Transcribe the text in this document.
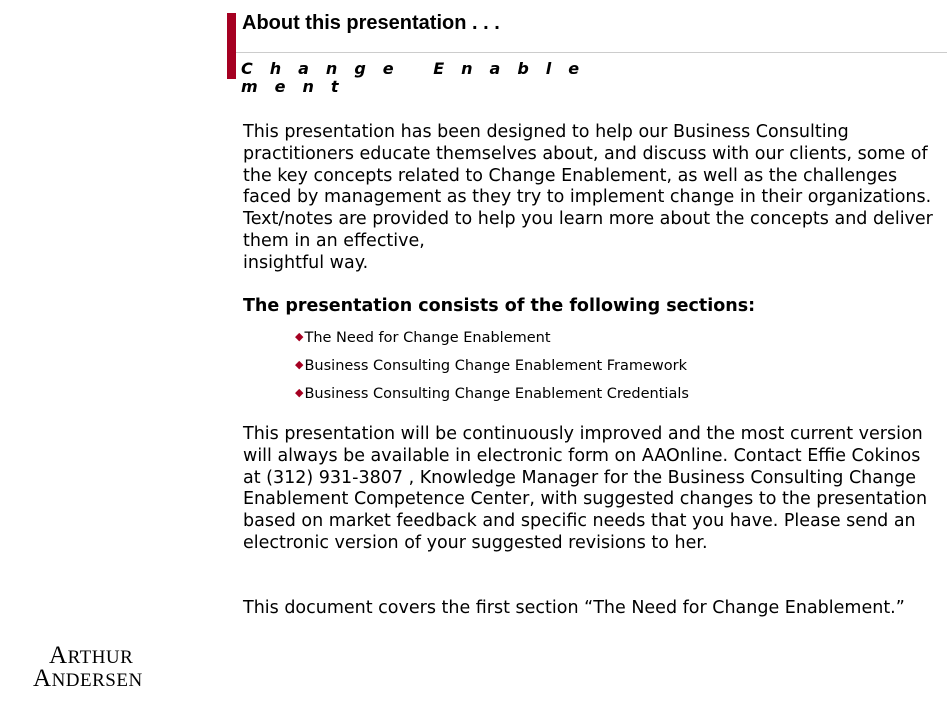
About this presentation . . .
Change Enablement

This presentation has been designed to help our Business Consulting practitioners educate themselves about, and discuss with our clients, some of the key concepts related to Change Enablement, as well as the challenges faced by management as they try to implement change in their organizations. Text/notes are provided to help you learn more about the concepts and deliver them in an effective,
insightful way.

The presentation consists of the following sections:

◆The Need for Change Enablement
◆Business Consulting Change Enablement Framework
◆Business Consulting Change Enablement Credentials

This presentation will be continuously improved and the most current version will always be available in electronic form on AAOnline. Contact Effie Cokinos at (312) 931-3807 , Knowledge Manager for the Business Consulting Change Enablement Competence Center, with suggested changes to the presentation based on market feedback and specific needs that you have. Please send an electronic version of your suggested revisions to her.

This document covers the first section “The Need for Change Enablement.”

ARTHUR
ANDERSEN
